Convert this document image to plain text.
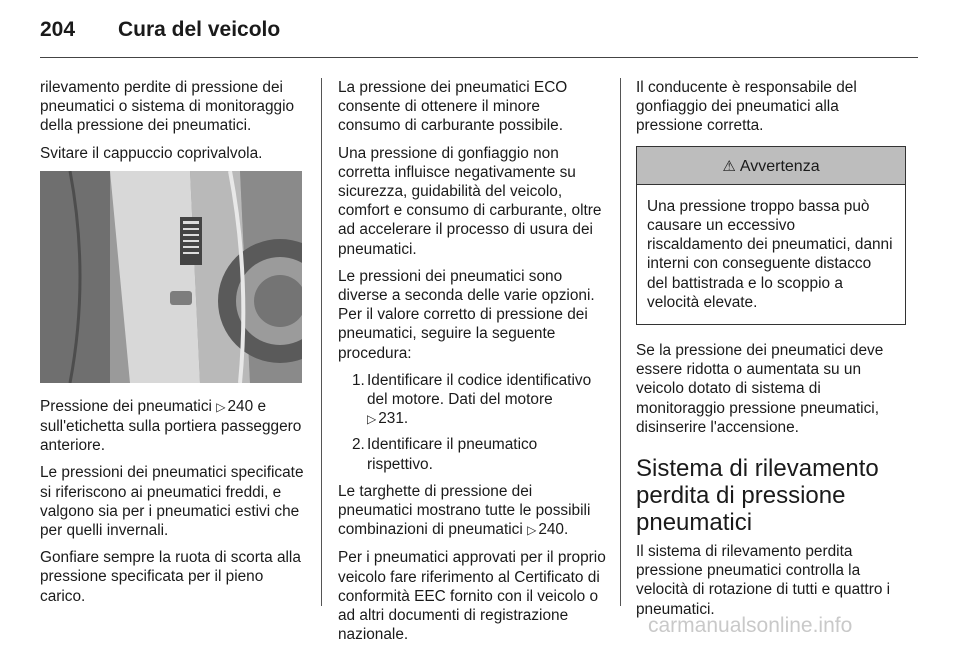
204 Cura del veicolo

rilevamento perdite di pressione dei pneumatici o sistema di monitoraggio della pressione dei pneumatici.

Svitare il cappuccio coprivalvola.

Pressione dei pneumatici ▷ 240 e sull'etichetta sulla portiera passeggero anteriore.

Le pressioni dei pneumatici specificate si riferiscono ai pneumatici freddi, e valgono sia per i pneumatici estivi che per quelli invernali.

Gonfiare sempre la ruota di scorta alla pressione specificata per il pieno carico.

La pressione dei pneumatici ECO consente di ottenere il minore consumo di carburante possibile.

Una pressione di gonfiaggio non corretta influisce negativamente su sicurezza, guidabilità del veicolo, comfort e consumo di carburante, oltre ad accelerare il processo di usura dei pneumatici.

Le pressioni dei pneumatici sono diverse a seconda delle varie opzioni. Per il valore corretto di pressione dei pneumatici, seguire la seguente procedura:

1. Identificare il codice identificativo del motore. Dati del motore
▷ 231.
2. Identificare il pneumatico rispettivo.

Le targhette di pressione dei pneumatici mostrano tutte le possibili combinazioni di pneumatici ▷ 240.

Per i pneumatici approvati per il proprio veicolo fare riferimento al Certificato di conformità EEC fornito con il veicolo o ad altri documenti di registrazione nazionale.

Il conducente è responsabile del gonfiaggio dei pneumatici alla pressione corretta.

⚠ Avvertenza
Una pressione troppo bassa può causare un eccessivo riscaldamento dei pneumatici, danni interni con conseguente distacco del battistrada e lo scoppio a velocità elevate.

Se la pressione dei pneumatici deve essere ridotta o aumentata su un veicolo dotato di sistema di monitoraggio pressione pneumatici, disinserire l'accensione.

Sistema di rilevamento perdita di pressione pneumatici

Il sistema di rilevamento perdita pressione pneumatici controlla la velocità di rotazione di tutti e quattro i pneumatici.

carmanualsonline.info
